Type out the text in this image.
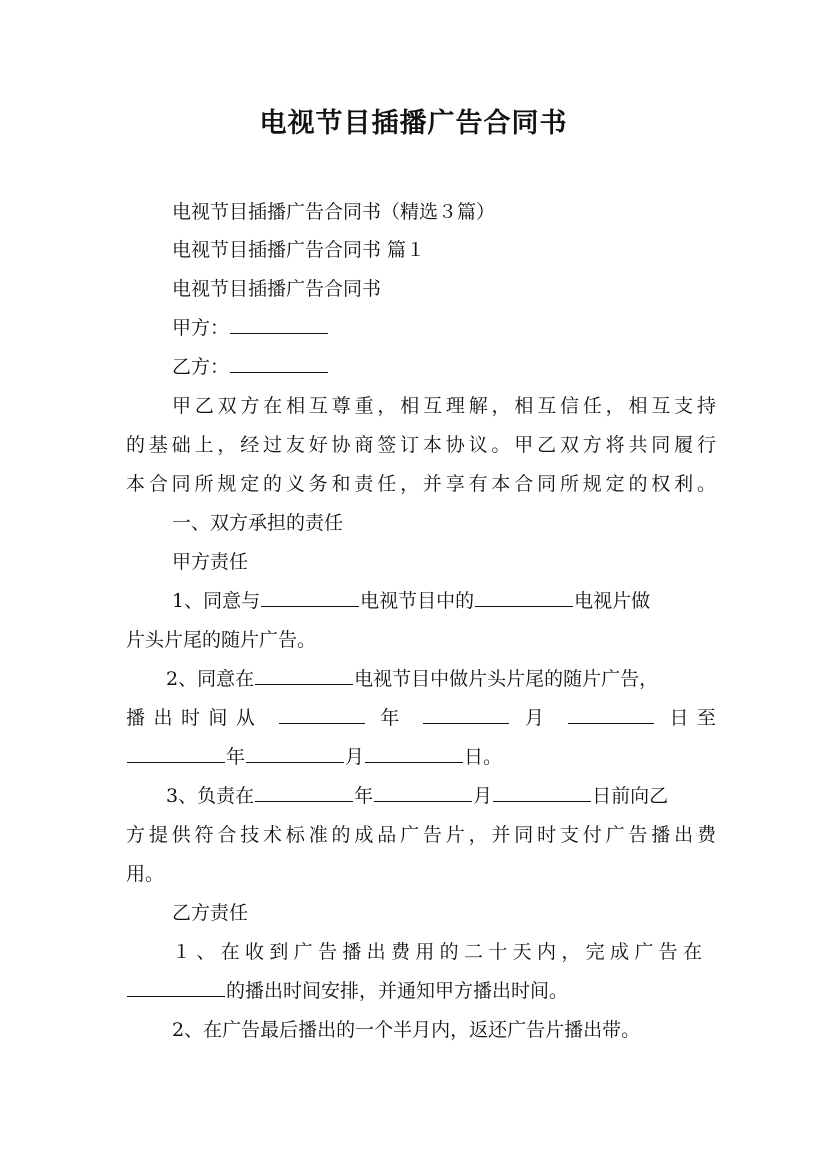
电视节目插播广告合同书
电视节目插播广告合同书（精选３篇）
电视节目插播广告合同书 篇１
电视节目插播广告合同书
甲方：
乙方：
甲乙双方在相互尊重，相互理解，相互信任，相互支持
的基础上，经过友好协商签订本协议。甲乙双方将共同履行
本合同所规定的义务和责任，并享有本合同所规定的权利。
一、双方承担的责任
甲方责任
1、同意与	电视节目中的	电视片做
片头片尾的随片广告。
2、同意在	电视节目中做片头片尾的随片广告，
播出时间从	年	月	日至
年	月	日。
3、负责在	年	月	日前向乙
方提供符合技术标准的成品广告片，并同时支付广告播出费
用。
乙方责任
１、在收到广告播出费用的二十天内，完成广告在
的播出时间安排，并通知甲方播出时间。
2、在广告最后播出的一个半月内，返还广告片播出带。
